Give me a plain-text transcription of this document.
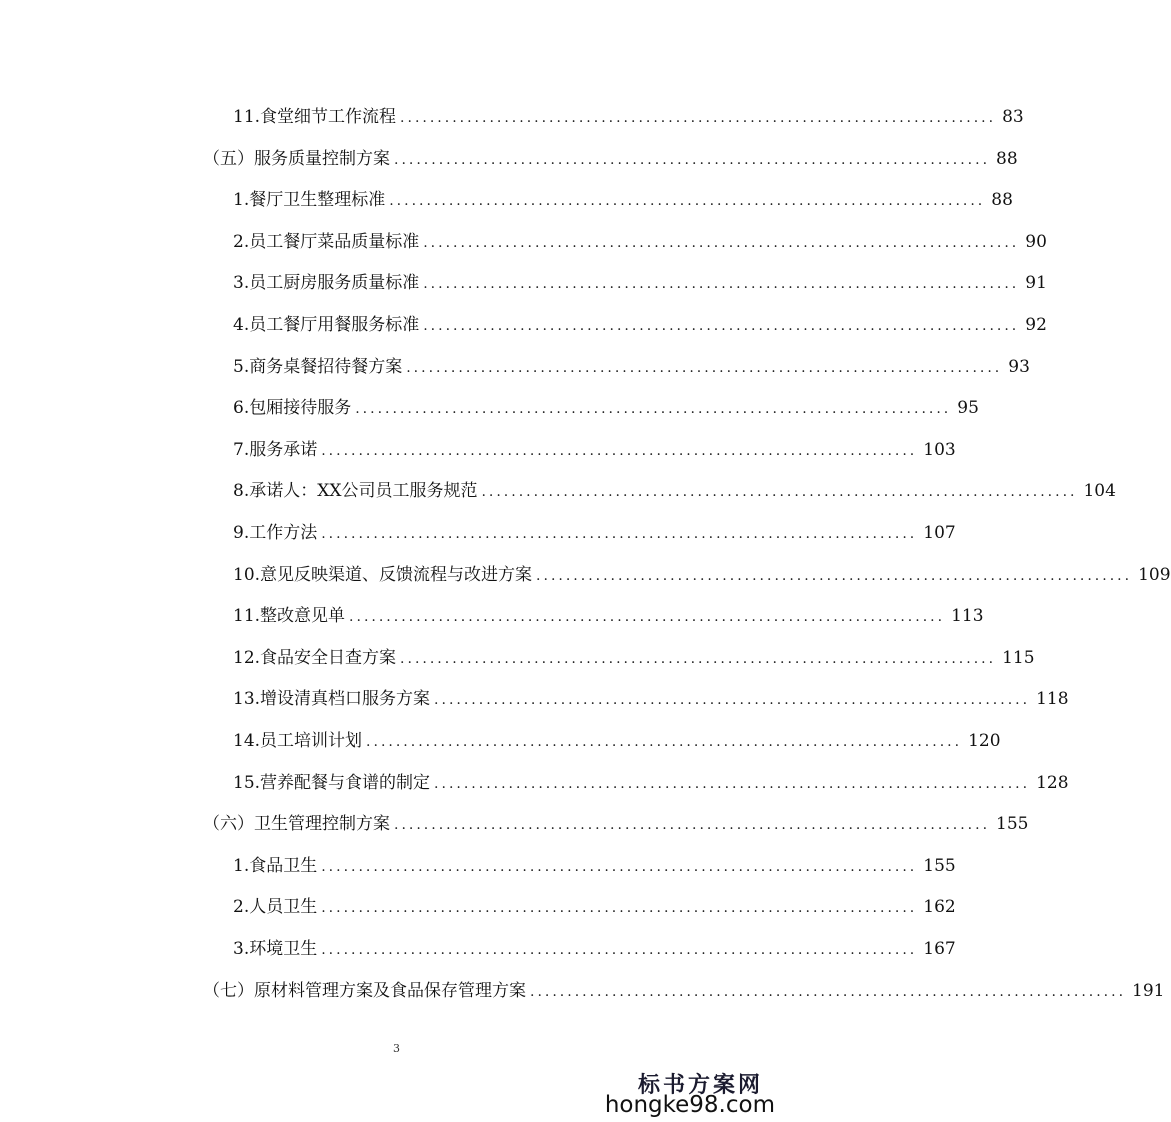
11. 食堂细节工作流程 ................................................................................ 83
（五） 服务质量控制方案 ................................................................................ 88
1. 餐厅卫生整理标准 ................................................................................ 88
2. 员工餐厅菜品质量标准 ................................................................................ 90
3. 员工厨房服务质量标准 ................................................................................ 91
4. 员工餐厅用餐服务标准 ................................................................................ 92
5. 商务桌餐招待餐方案 ................................................................................ 93
6. 包厢接待服务 ................................................................................ 95
7. 服务承诺 ................................................................................ 103
8. 承诺人：XX公司员工服务规范 ................................................................................ 104
9. 工作方法 ................................................................................ 107
10. 意见反映渠道、反馈流程与改进方案 ................................................................................ 109
11. 整改意见单 ................................................................................ 113
12. 食品安全日查方案 ................................................................................ 115
13. 增设清真档口服务方案 ................................................................................ 118
14. 员工培训计划 ................................................................................ 120
15. 营养配餐与食谱的制定 ................................................................................ 128
（六） 卫生管理控制方案 ................................................................................ 155
1. 食品卫生 ................................................................................ 155
2. 人员卫生 ................................................................................ 162
3. 环境卫生 ................................................................................ 167
（七） 原材料管理方案及食品保存管理方案 ................................................................................ 191
3
标书方案网
hongke98.com
